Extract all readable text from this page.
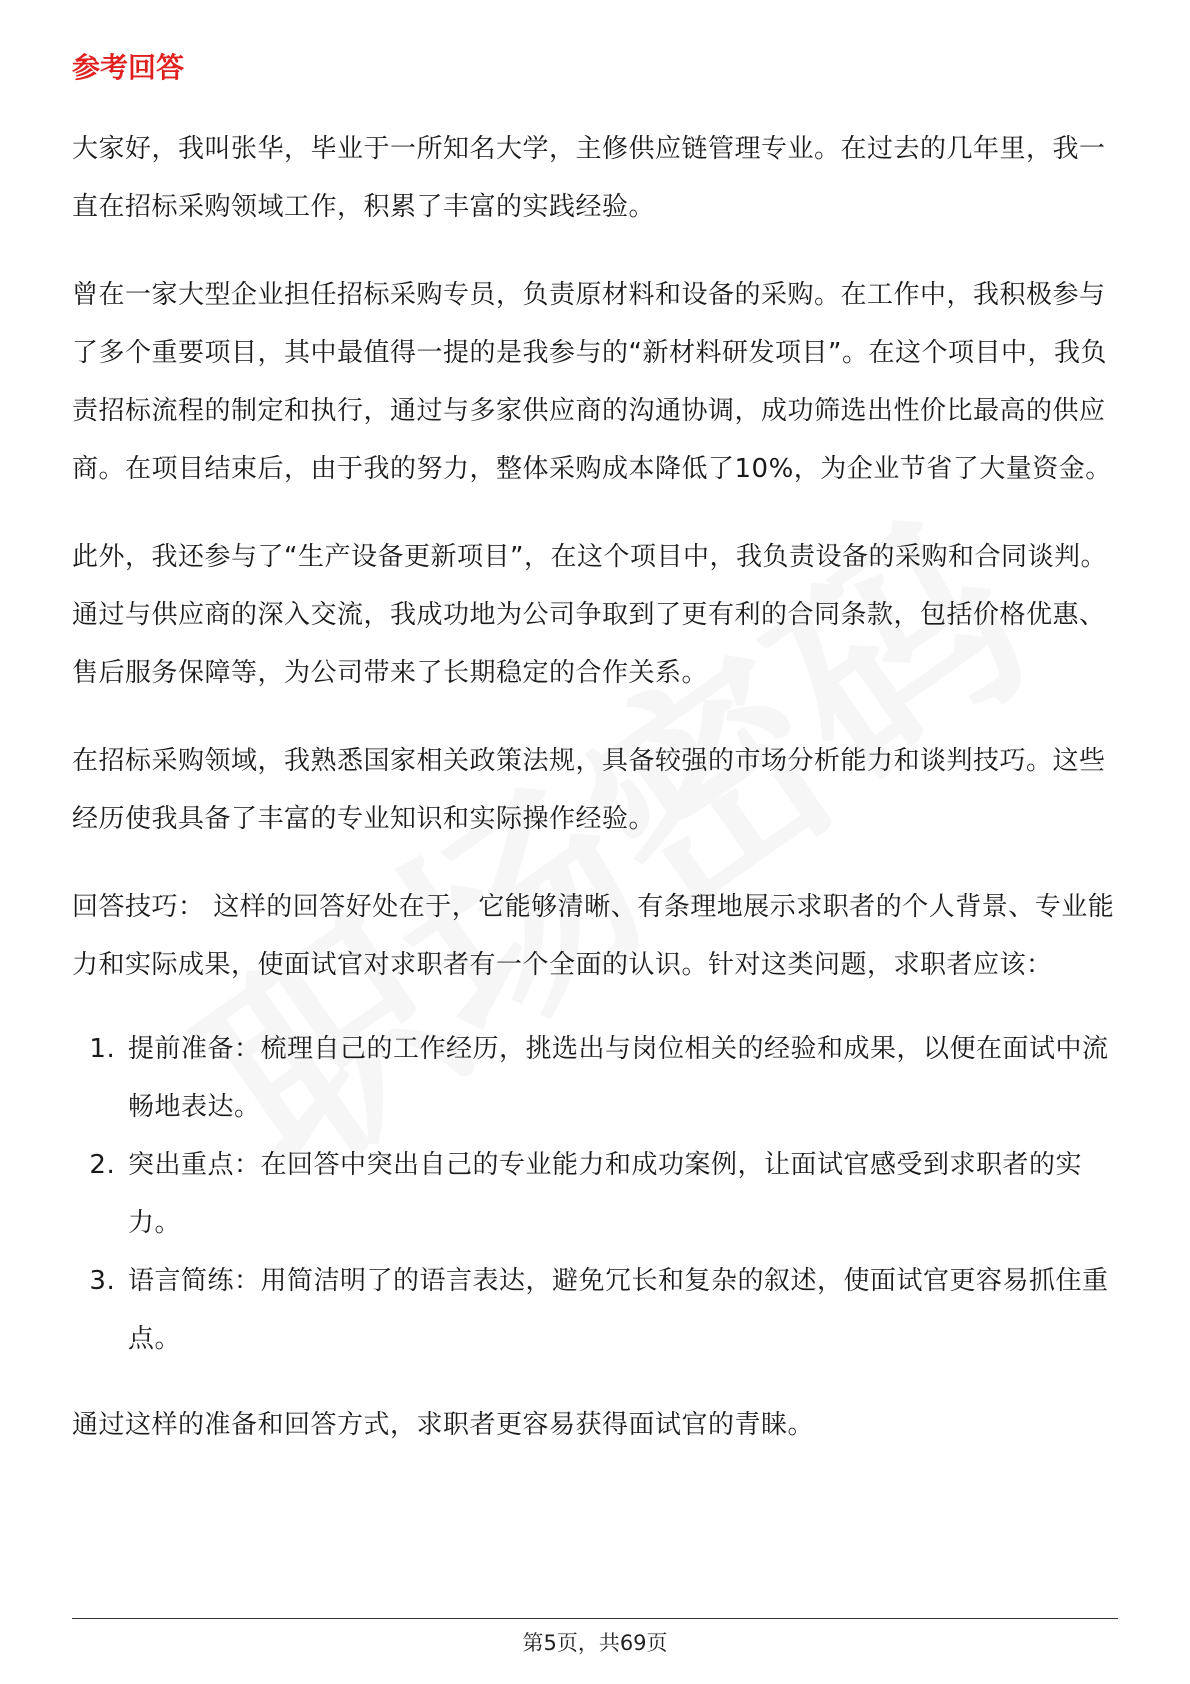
参考回答

大家好，我叫张华，毕业于一所知名大学，主修供应链管理专业。在过去的几年里，我一直在招标采购领域工作，积累了丰富的实践经验。

曾在一家大型企业担任招标采购专员，负责原材料和设备的采购。在工作中，我积极参与了多个重要项目，其中最值得一提的是我参与的“新材料研发项目”。在这个项目中，我负责招标流程的制定和执行，通过与多家供应商的沟通协调，成功筛选出性价比最高的供应商。在项目结束后，由于我的努力，整体采购成本降低了10%，为企业节省了大量资金。

此外，我还参与了“生产设备更新项目”，在这个项目中，我负责设备的采购和合同谈判。通过与供应商的深入交流，我成功地为公司争取到了更有利的合同条款，包括价格优惠、售后服务保障等，为公司带来了长期稳定的合作关系。

在招标采购领域，我熟悉国家相关政策法规，具备较强的市场分析能力和谈判技巧。这些经历使我具备了丰富的专业知识和实际操作经验。

回答技巧： 这样的回答好处在于，它能够清晰、有条理地展示求职者的个人背景、专业能力和实际成果，使面试官对求职者有一个全面的认识。针对这类问题，求职者应该：

1. 提前准备：梳理自己的工作经历，挑选出与岗位相关的经验和成果，以便在面试中流畅地表达。
2. 突出重点：在回答中突出自己的专业能力和成功案例，让面试官感受到求职者的实力。
3. 语言简练：用简洁明了的语言表达，避免冗长和复杂的叙述，使面试官更容易抓住重点。

通过这样的准备和回答方式，求职者更容易获得面试官的青睐。

第5页，共69页
